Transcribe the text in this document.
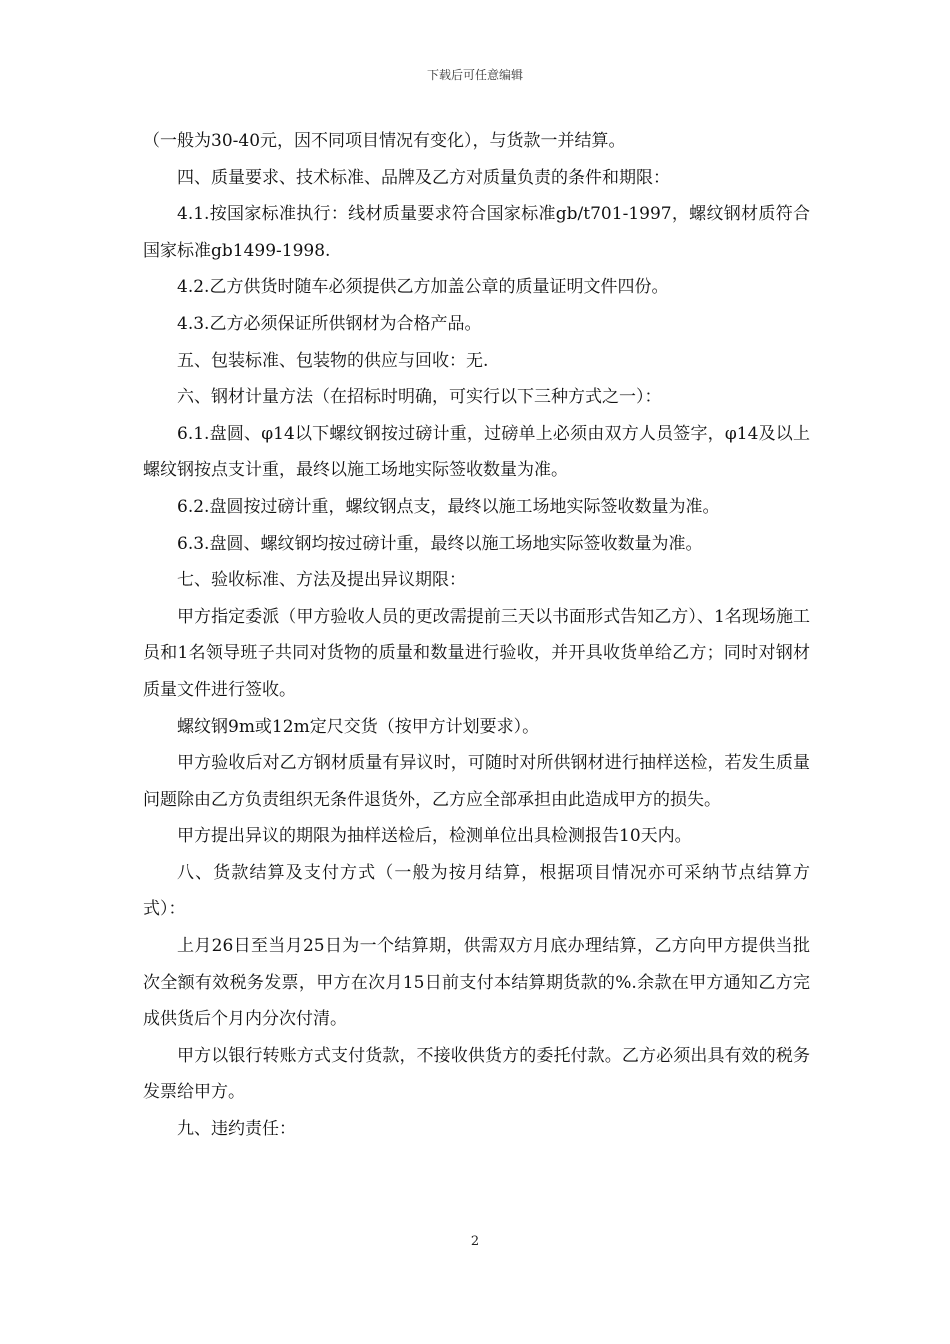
下载后可任意编辑

（一般为30-40元，因不同项目情况有变化），与货款一并结算。

四、质量要求、技术标准、品牌及乙方对质量负责的条件和期限：

4.1.按国家标准执行：线材质量要求符合国家标准gb/t701-1997，螺纹钢材质符合国家标准gb1499-1998.

4.2.乙方供货时随车必须提供乙方加盖公章的质量证明文件四份。

4.3.乙方必须保证所供钢材为合格产品。

五、包装标准、包装物的供应与回收：无.

六、钢材计量方法（在招标时明确，可实行以下三种方式之一）：

6.1.盘圆、φ14以下螺纹钢按过磅计重，过磅单上必须由双方人员签字，φ14及以上螺纹钢按点支计重，最终以施工场地实际签收数量为准。

6.2.盘圆按过磅计重，螺纹钢点支，最终以施工场地实际签收数量为准。

6.3.盘圆、螺纹钢均按过磅计重，最终以施工场地实际签收数量为准。

七、验收标准、方法及提出异议期限：

甲方指定委派（甲方验收人员的更改需提前三天以书面形式告知乙方）、1名现场施工员和1名领导班子共同对货物的质量和数量进行验收，并开具收货单给乙方；同时对钢材质量文件进行签收。

螺纹钢9m或12m定尺交货（按甲方计划要求）。

甲方验收后对乙方钢材质量有异议时，可随时对所供钢材进行抽样送检，若发生质量问题除由乙方负责组织无条件退货外，乙方应全部承担由此造成甲方的损失。

甲方提出异议的期限为抽样送检后，检测单位出具检测报告10天内。

八、货款结算及支付方式（一般为按月结算，根据项目情况亦可采纳节点结算方式）：

上月26日至当月25日为一个结算期，供需双方月底办理结算，乙方向甲方提供当批次全额有效税务发票，甲方在次月15日前支付本结算期货款的%.余款在甲方通知乙方完成供货后个月内分次付清。

甲方以银行转账方式支付货款，不接收供货方的委托付款。乙方必须出具有效的税务发票给甲方。

九、违约责任：

2
